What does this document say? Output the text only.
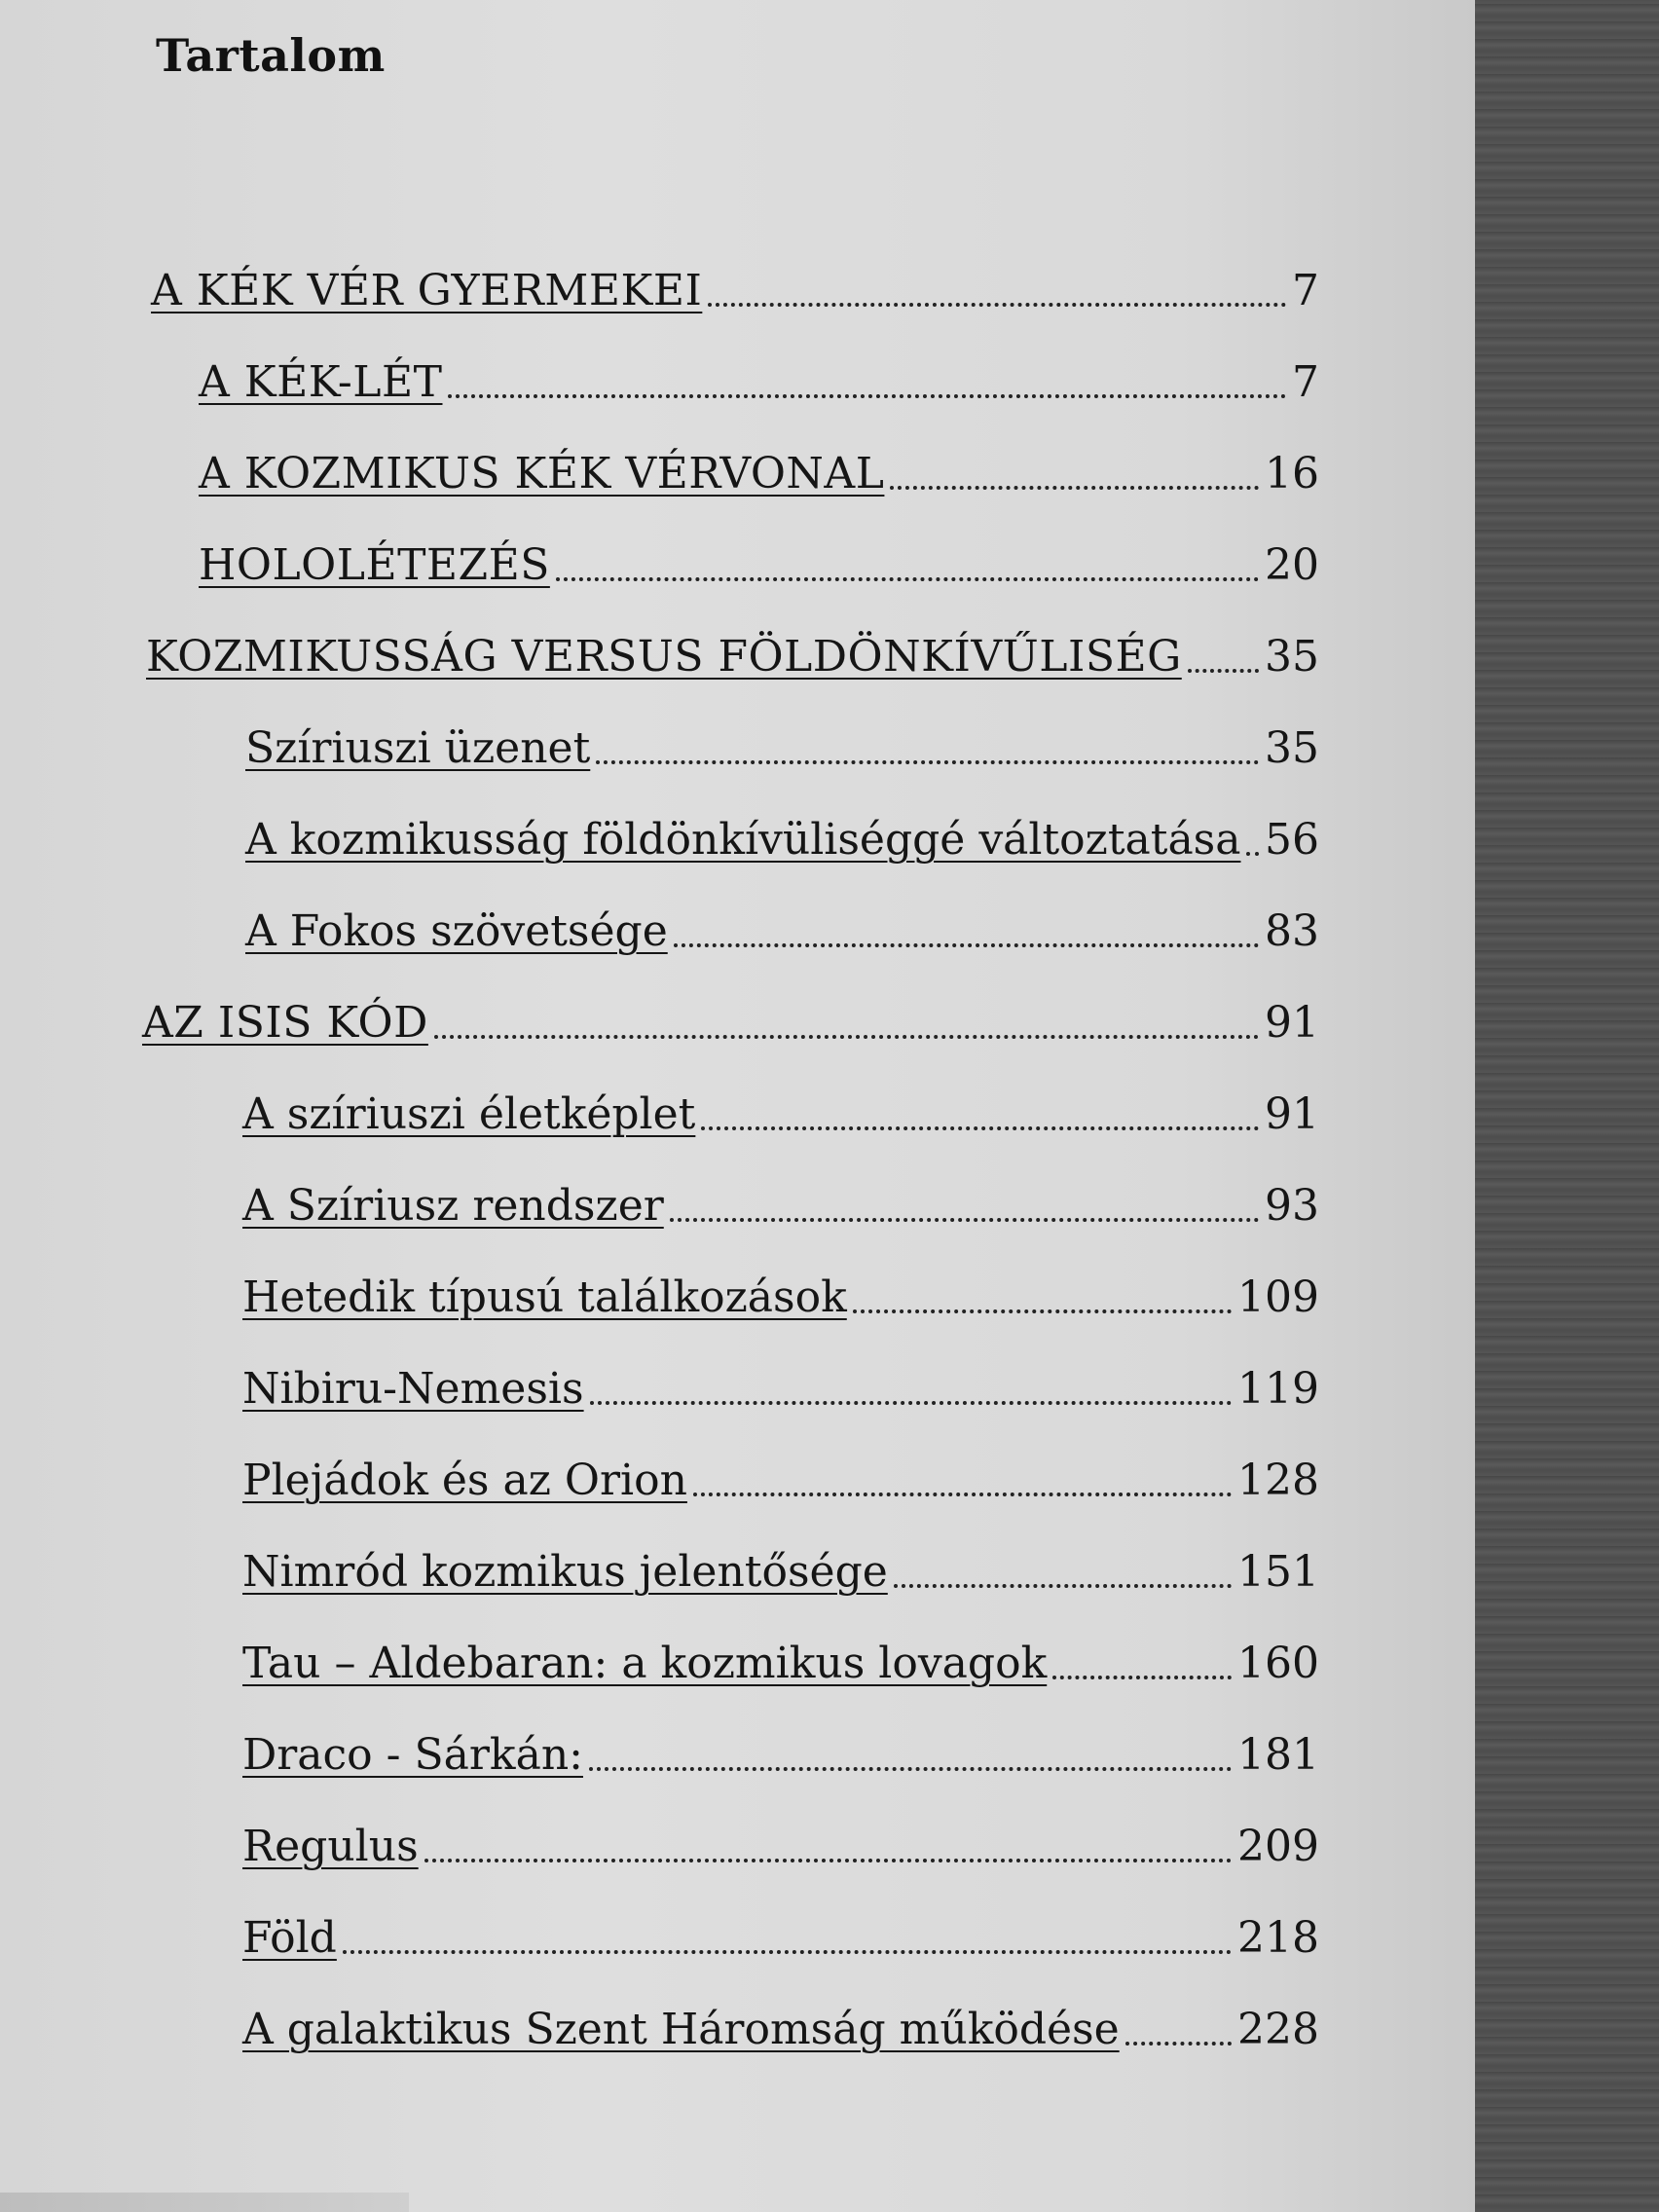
Tartalom
A KÉK VÉR GYERMEKEI	7
A KÉK-LÉT	7
A KOZMIKUS KÉK VÉRVONAL	16
HOLOLÉTEZÉS	20
KOZMIKUSSÁG VERSUS FÖLDÖNKÍVŰLISÉG 35
Szíriuszi üzenet	35
A kozmikusság földönkívüliséggé változtatása 56
A Fokos szövetsége	83
AZ ISIS KÓD	91
A szíriuszi életképlet	91
A Szíriusz rendszer	93
Hetedik típusú találkozások	109
Nibiru-Nemesis	119
Plejádok és az Orion	128
Nimród kozmikus jelentősége	151
Tau – Aldebaran: a kozmikus lovagok	160
Draco - Sárkán:	181
Regulus	209
Föld	218
A galaktikus Szent Háromság működése	228
